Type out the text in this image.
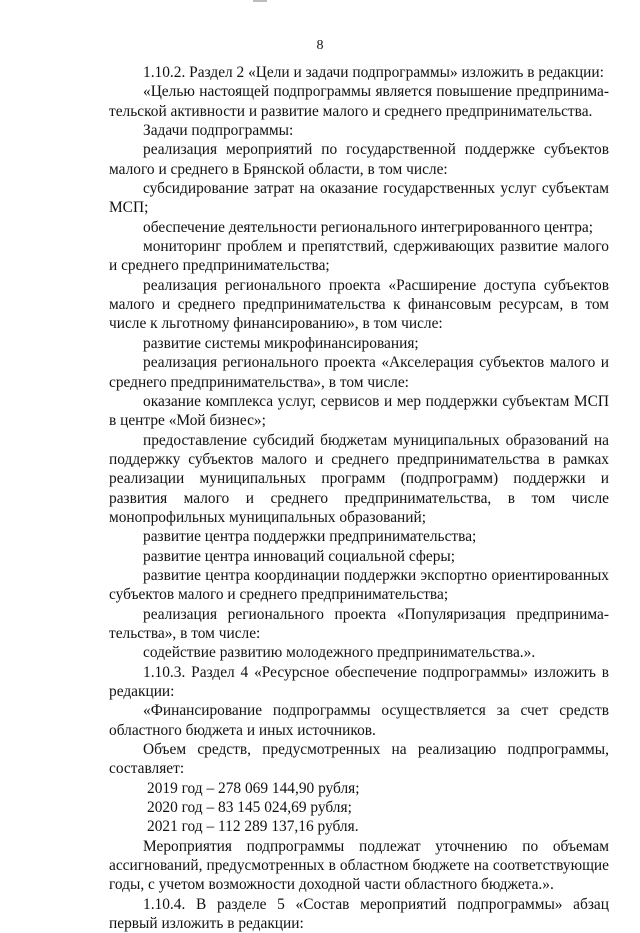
8

1.10.2. Раздел 2 «Цели и задачи подпрограммы» изложить в редакции:

«Целью настоящей подпрограммы является повышение предпринима-тельской активности и развитие малого и среднего предпринимательства.

Задачи подпрограммы:

реализация мероприятий по государственной поддержке субъектов малого и среднего в Брянской области, в том числе:

субсидирование затрат на оказание государственных услуг субъектам МСП;

обеспечение деятельности регионального интегрированного центра;

мониторинг проблем и препятствий, сдерживающих развитие малого и среднего предпринимательства;

реализация регионального проекта «Расширение доступа субъектов малого и среднего предпринимательства к финансовым ресурсам, в том числе к льготному финансированию», в том числе:

развитие системы микрофинансирования;

реализация регионального проекта «Акселерация субъектов малого и среднего предпринимательства», в том числе:

оказание комплекса услуг, сервисов и мер поддержки субъектам МСП в центре «Мой бизнес»;

предоставление субсидий бюджетам муниципальных образований на поддержку субъектов малого и среднего предпринимательства в рамках реализации муниципальных программ (подпрограмм) поддержки и развития малого и среднего предпринимательства, в том числе монопрофильных муниципальных образований;

развитие центра поддержки предпринимательства;

развитие центра инноваций социальной сферы;

развитие центра координации поддержки экспортно ориентированных субъектов малого и среднего предпринимательства;

реализация регионального проекта «Популяризация предпринима-тельства», в том числе:

содействие развитию молодежного предпринимательства.».

1.10.3. Раздел 4 «Ресурсное обеспечение подпрограммы» изложить в редакции:

«Финансирование подпрограммы осуществляется за счет средств областного бюджета и иных источников.

Объем средств, предусмотренных на реализацию подпрограммы, составляет:

2019 год – 278 069 144,90 рубля;

2020 год – 83 145 024,69 рубля;

2021 год – 112 289 137,16 рубля.

Мероприятия подпрограммы подлежат уточнению по объемам ассигнований, предусмотренных в областном бюджете на соответствующие годы, с учетом возможности доходной части областного бюджета.».

1.10.4. В разделе 5 «Состав мероприятий подпрограммы» абзац первый изложить в редакции:
